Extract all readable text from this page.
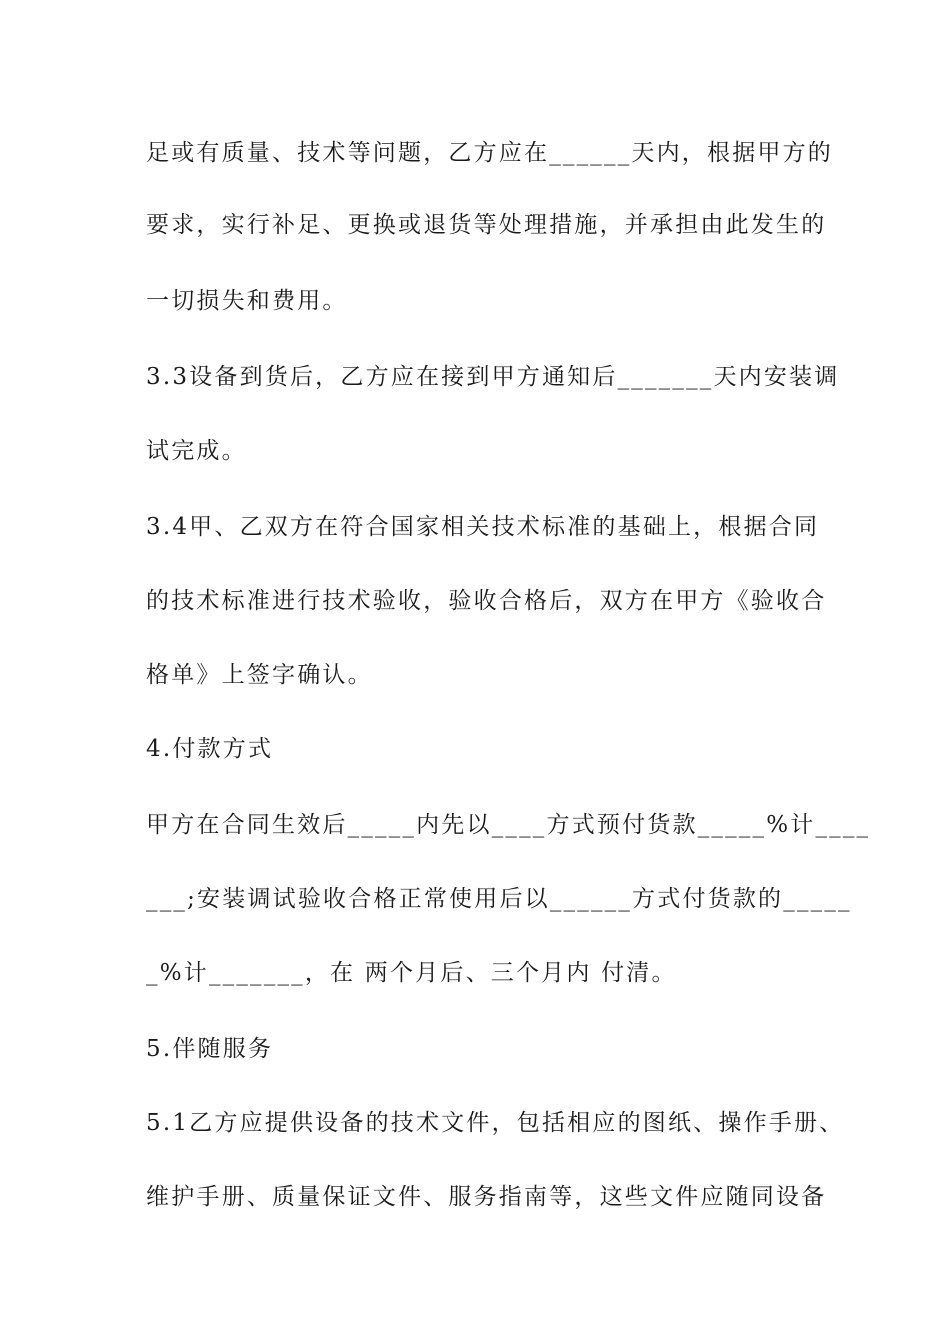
足或有质量、技术等问题，乙方应在______天内，根据甲方的
要求，实行补足、更换或退货等处理措施，并承担由此发生的
一切损失和费用。
3.3设备到货后，乙方应在接到甲方通知后_______天内安装调
试完成。
3.4甲、乙双方在符合国家相关技术标准的基础上，根据合同
的技术标准进行技术验收，验收合格后，双方在甲方《验收合
格单》上签字确认。
4.付款方式
甲方在合同生效后_____内先以____方式预付货款_____%计____
___;安装调试验收合格正常使用后以______方式付货款的_____
_%计_______，在 两个月后、三个月内 付清。
5.伴随服务
5.1乙方应提供设备的技术文件，包括相应的图纸、操作手册、
维护手册、质量保证文件、服务指南等，这些文件应随同设备
